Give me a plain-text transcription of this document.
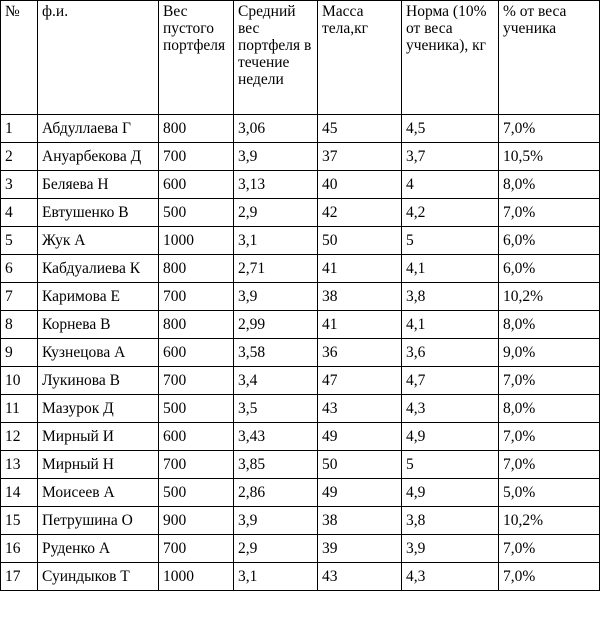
№	ф.и.	Вес пустого портфеля	Средний вес портфеля в течение недели	Масса тела,кг	Норма (10% от веса ученика), кг	% от веса ученика
1	Абдуллаева Г	800	3,06	45	4,5	7,0%
2	Ануарбекова Д	700	3,9	37	3,7	10,5%
3	Беляева Н	600	3,13	40	4	8,0%
4	Евтушенко В	500	2,9	42	4,2	7,0%
5	Жук А	1000	3,1	50	5	6,0%
6	Кабдуалиева К	800	2,71	41	4,1	6,0%
7	Каримова Е	700	3,9	38	3,8	10,2%
8	Корнева В	800	2,99	41	4,1	8,0%
9	Кузнецова А	600	3,58	36	3,6	9,0%
10	Лукинова В	700	3,4	47	4,7	7,0%
11	Мазурок Д	500	3,5	43	4,3	8,0%
12	Мирный И	600	3,43	49	4,9	7,0%
13	Мирный Н	700	3,85	50	5	7,0%
14	Моисеев А	500	2,86	49	4,9	5,0%
15	Петрушина О	900	3,9	38	3,8	10,2%
16	Руденко А	700	2,9	39	3,9	7,0%
17	Суиндыков Т	1000	3,1	43	4,3	7,0%
